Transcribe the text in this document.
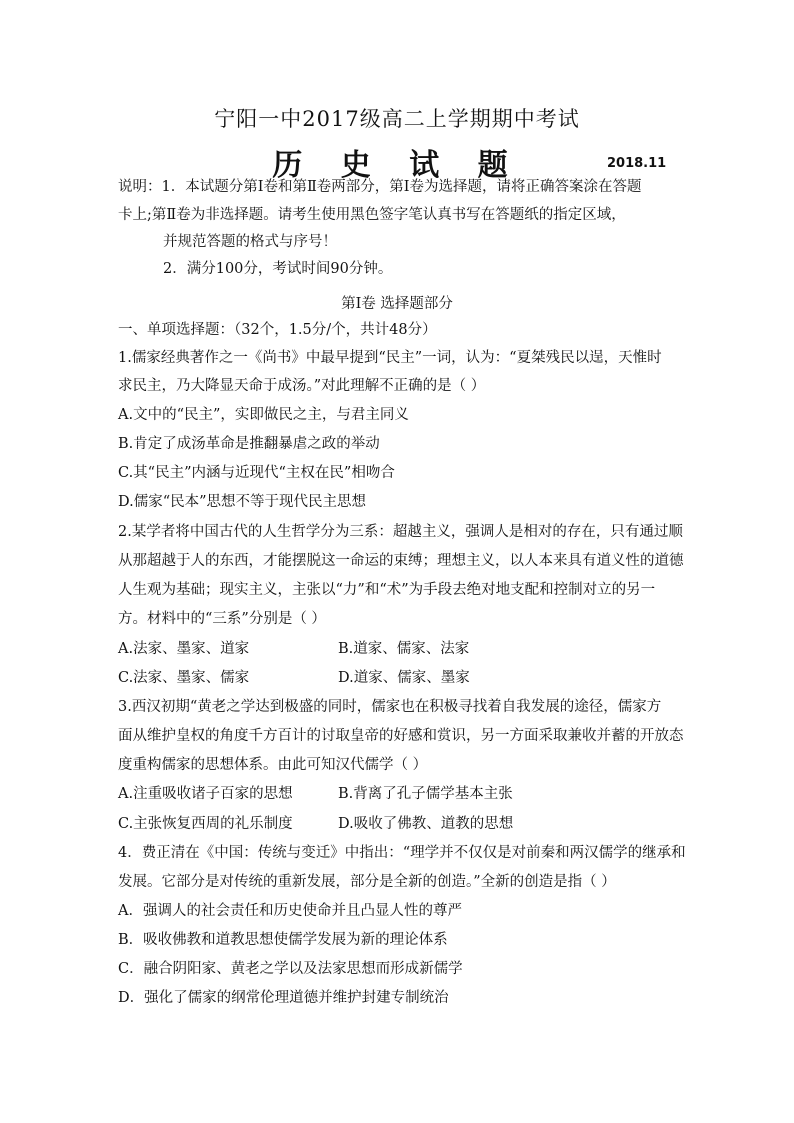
宁阳一中2017级高二上学期期中考试
历 史 试 题	2018.11
说明：1．本试题分第Ⅰ卷和第Ⅱ卷两部分，第Ⅰ卷为选择题，请将正确答案涂在答题
卡上;第Ⅱ卷为非选择题。请考生使用黑色签字笔认真书写在答题纸的指定区域，
并规范答题的格式与序号！
2．满分100分，考试时间90分钟。
第Ⅰ卷 选择题部分
一、单项选择题：（32个，1.5分/个，共计48分）
1.儒家经典著作之一《尚书》中最早提到“民主”一词，认为：“夏桀残民以逞，天惟时
求民主，乃大降显天命于成汤。”对此理解不正确的是（ ）
A.文中的“民主”，实即做民之主，与君主同义
B.肯定了成汤革命是推翻暴虐之政的举动
C.其“民主”内涵与近现代“主权在民”相吻合
D.儒家“民本”思想不等于现代民主思想
2.某学者将中国古代的人生哲学分为三系：超越主义，强调人是相对的存在，只有通过顺
从那超越于人的东西，才能摆脱这一命运的束缚；理想主义，以人本来具有道义性的道德
人生观为基础；现实主义，主张以“力”和“术”为手段去绝对地支配和控制对立的另一
方。材料中的“三系”分别是（ ）
A.法家、墨家、道家	B.道家、儒家、法家
C.法家、墨家、儒家	D.道家、儒家、墨家
3.西汉初期“黄老之学达到极盛的同时，儒家也在积极寻找着自我发展的途径，儒家方
面从维护皇权的角度千方百计的讨取皇帝的好感和赏识，另一方面采取兼收并蓄的开放态
度重构儒家的思想体系。由此可知汉代儒学（ ）
A.注重吸收诸子百家的思想	B.背离了孔子儒学基本主张
C.主张恢复西周的礼乐制度	D.吸收了佛教、道教的思想
4．费正清在《中国：传统与变迁》中指出：“理学并不仅仅是对前秦和两汉儒学的继承和
发展。它部分是对传统的重新发展，部分是全新的创造。”全新的创造是指（ ）
A．强调人的社会责任和历史使命并且凸显人性的尊严
B．吸收佛教和道教思想使儒学发展为新的理论体系
C．融合阴阳家、黄老之学以及法家思想而形成新儒学
D．强化了儒家的纲常伦理道德并维护封建专制统治
